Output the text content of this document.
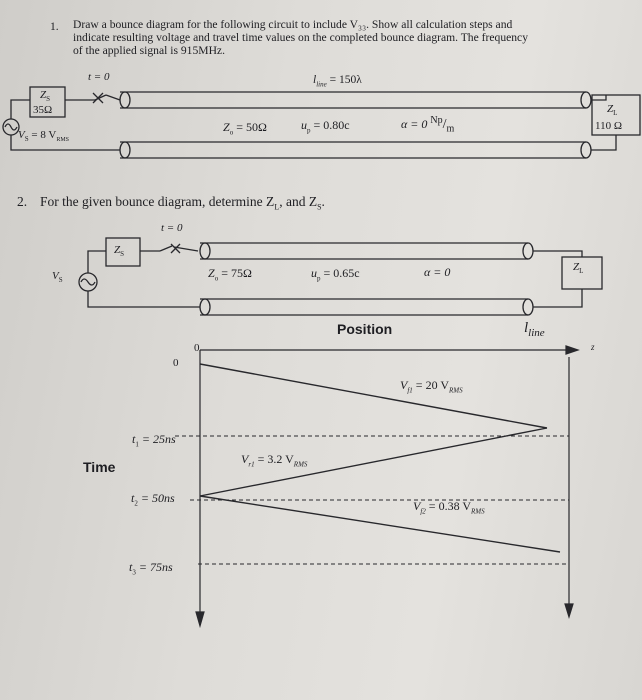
1. Draw a bounce diagram for the following circuit to include V₃₃. Show all calculation steps and
indicate resulting voltage and travel time values on the completed bounce diagram. The frequency
of the applied signal is 915MHz.
t = 0	$l_{line} = 150\lambda$
$Z_S$
35Ω
$V_S = 8$ $V_{RMS}$
$Z_o = 50\Omega$	$u_p = 0.80c$	α = 0 $^{Np}/_m$
$Z_L$
110 Ω
2. For the given bounce diagram, determine $Z_L$, and $Z_S$.
t = 0
$Z_S$
$V_S$
$Z_o = 75\Omega$	$u_p = 0.65c$	α = 0	$Z_L$
Position
Time
$l_{line}$
z
0
0
$t_1 = 25ns$
$t_2 = 50ns$
$t_3 = 75ns$
$V_{f1} = 20$ $V_{RMS}$
$V_{r1} = 3.2$ $V_{RMS}$
$V_{f2} = 0.38$ $V_{RMS}$
